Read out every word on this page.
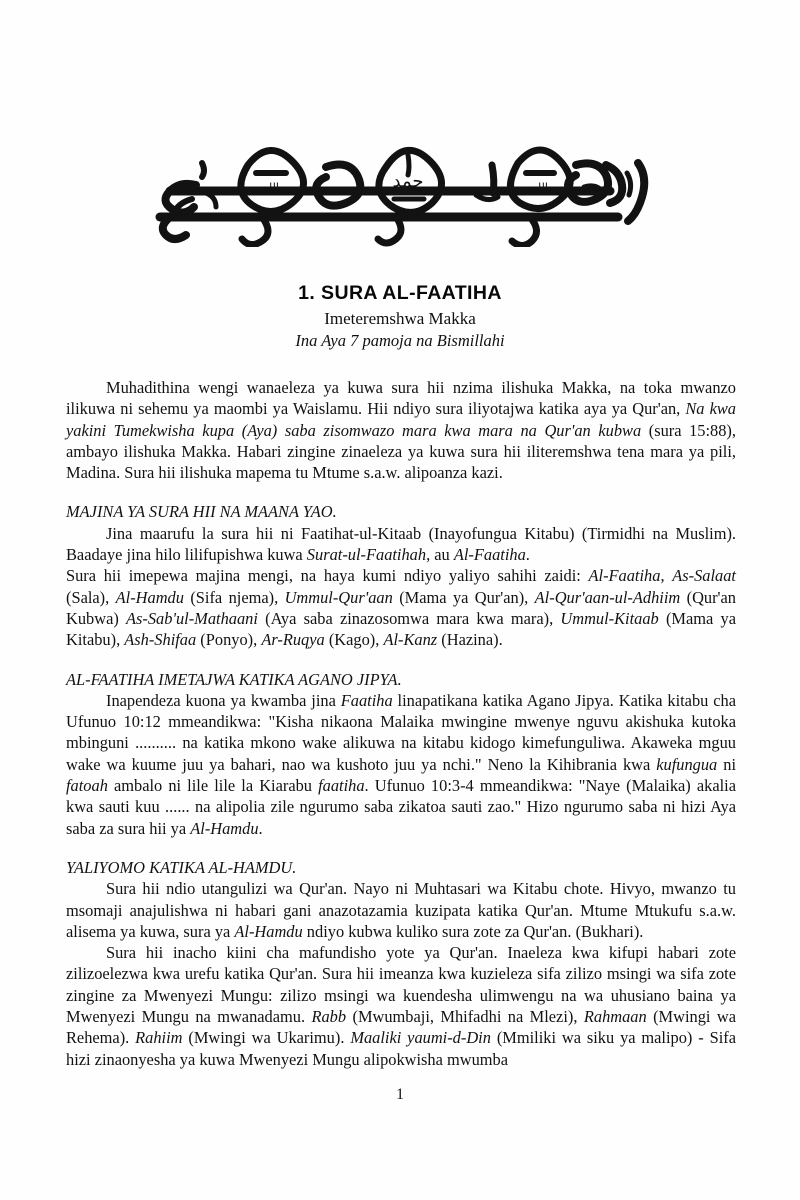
الله
حمد
الله
1. SURA AL-FAATIHA
Imeteremshwa Makka
Ina Aya 7 pamoja na Bismillahi

Muhadithina wengi wanaeleza ya kuwa sura hii nzima ilishuka Makka, na toka mwanzo ilikuwa ni sehemu ya maombi ya Waislamu. Hii ndiyo sura iliyotajwa katika aya ya Qur'an, Na kwa yakini Tumekwisha kupa (Aya) saba zisomwazo mara kwa mara na Qur'an kubwa (sura 15:88), ambayo ilishuka Makka. Habari zingine zinaeleza ya kuwa sura hii iliteremshwa tena mara ya pili, Madina. Sura hii ilishuka mapema tu Mtume s.a.w. alipoanza kazi.

MAJINA YA SURA HII NA MAANA YAO.

Jina maarufu la sura hii ni Faatihat-ul-Kitaab (Inayofungua Kitabu) (Tirmidhi na Muslim). Baadaye jina hilo lilifupishwa kuwa Surat-ul-Faatihah, au Al-Faatiha.

Sura hii imepewa majina mengi, na haya kumi ndiyo yaliyo sahihi zaidi: Al-Faatiha, As-Salaat (Sala), Al-Hamdu (Sifa njema), Ummul-Qur'aan (Mama ya Qur'an), Al-Qur'aan-ul-Adhiim (Qur'an Kubwa) As-Sab'ul-Mathaani (Aya saba zinazosomwa mara kwa mara), Ummul-Kitaab (Mama ya Kitabu), Ash-Shifaa (Ponyo), Ar-Ruqya (Kago), Al-Kanz (Hazina).

AL-FAATIHA IMETAJWA KATIKA AGANO JIPYA.

Inapendeza kuona ya kwamba jina Faatiha linapatikana katika Agano Jipya. Katika kitabu cha Ufunuo 10:12 mmeandikwa: "Kisha nikaona Malaika mwingine mwenye nguvu akishuka kutoka mbinguni .......... na katika mkono wake alikuwa na kitabu kidogo kimefunguliwa. Akaweka mguu wake wa kuume juu ya bahari, nao wa kushoto juu ya nchi." Neno la Kihibrania kwa kufungua ni fatoah ambalo ni lile lile la Kiarabu faatiha. Ufunuo 10:3-4 mmeandikwa: "Naye (Malaika) akalia kwa sauti kuu ...... na alipolia zile ngurumo saba zikatoa sauti zao." Hizo ngurumo saba ni hizi Aya saba za sura hii ya Al-Hamdu.

YALIYOMO KATIKA AL-HAMDU.

Sura hii ndio utangulizi wa Qur'an. Nayo ni Muhtasari wa Kitabu chote. Hivyo, mwanzo tu msomaji anajulishwa ni habari gani anazotazamia kuzipata katika Qur'an. Mtume Mtukufu s.a.w. alisema ya kuwa, sura ya Al-Hamdu ndiyo kubwa kuliko sura zote za Qur'an. (Bukhari).

Sura hii inacho kiini cha mafundisho yote ya Qur'an. Inaeleza kwa kifupi habari zote zilizoelezwa kwa urefu katika Qur'an. Sura hii imeanza kwa kuzieleza sifa zilizo msingi wa sifa zote zingine za Mwenyezi Mungu: zilizo msingi wa kuendesha ulimwengu na wa uhusiano baina ya Mwenyezi Mungu na mwanadamu. Rabb (Mwumbaji, Mhifadhi na Mlezi), Rahmaan (Mwingi wa Rehema). Rahiim (Mwingi wa Ukarimu). Maaliki yaumi-d-Din (Mmiliki wa siku ya malipo) - Sifa hizi zinaonyesha ya kuwa Mwenyezi Mungu alipokwisha mwumba

1
